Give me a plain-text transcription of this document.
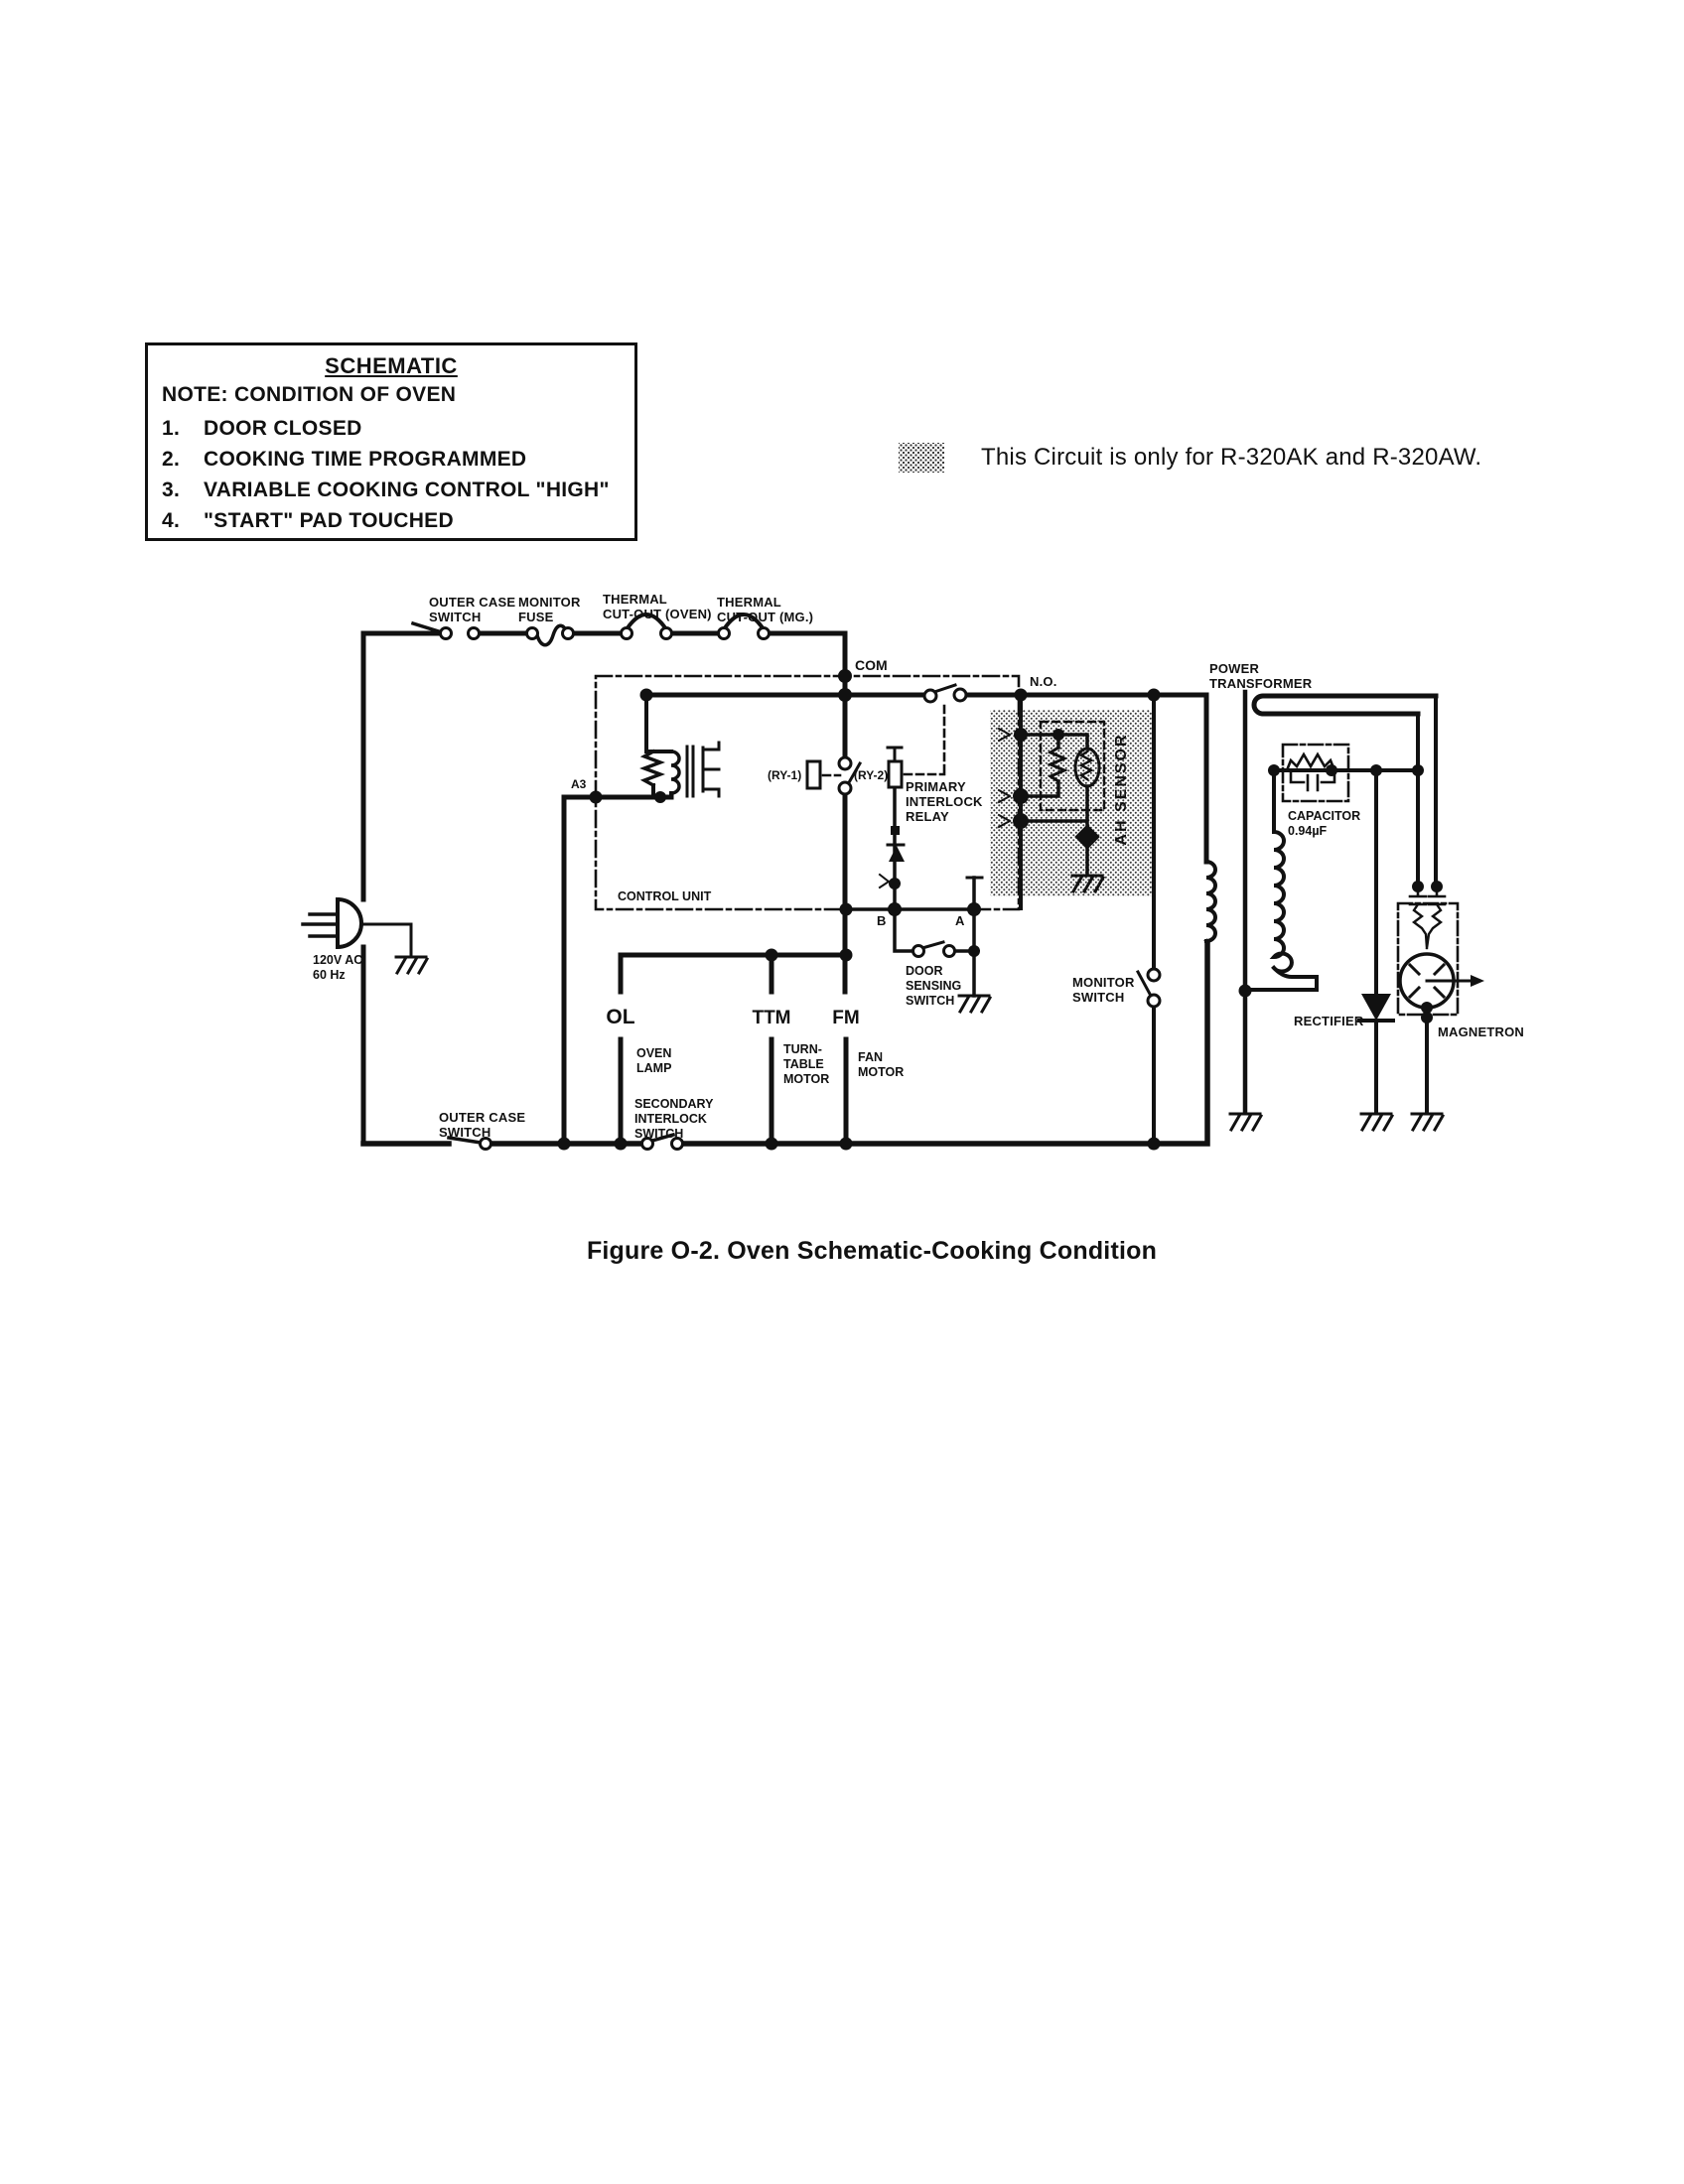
OUTER CASE
SWITCH
MONITOR
FUSE
THERMAL
CUT-OUT (OVEN)
THERMAL
CUT-OUT (MG.)
COM
N.O.
POWER
TRANSFORMER
(RY-1)	(RY-2)
PRIMARY
INTERLOCK
RELAY	AH SENSOR	CAPACITOR
0.94µF
CONTROL UNIT
A3
B	A
120V AC
60 Hz	DOOR
SENSING
SWITCH
MONITOR
SWITCH
OL	TTM FM
OVEN
LAMP
TURN-
TABLE
MOTOR
FAN
MOTOR
SECONDARY
INTERLOCK
SWITCH
OUTER CASE
SWITCH
RECTIFIER
MAGNETRON
SCHEMATIC
NOTE: CONDITION OF OVEN
1.	DOOR CLOSED
2.	COOKING TIME PROGRAMMED
3.	VARIABLE COOKING CONTROL "HIGH"
4.	"START" PAD TOUCHED
This Circuit is only for R-320AK and R-320AW.
Figure O-2. Oven Schematic-Cooking Condition
